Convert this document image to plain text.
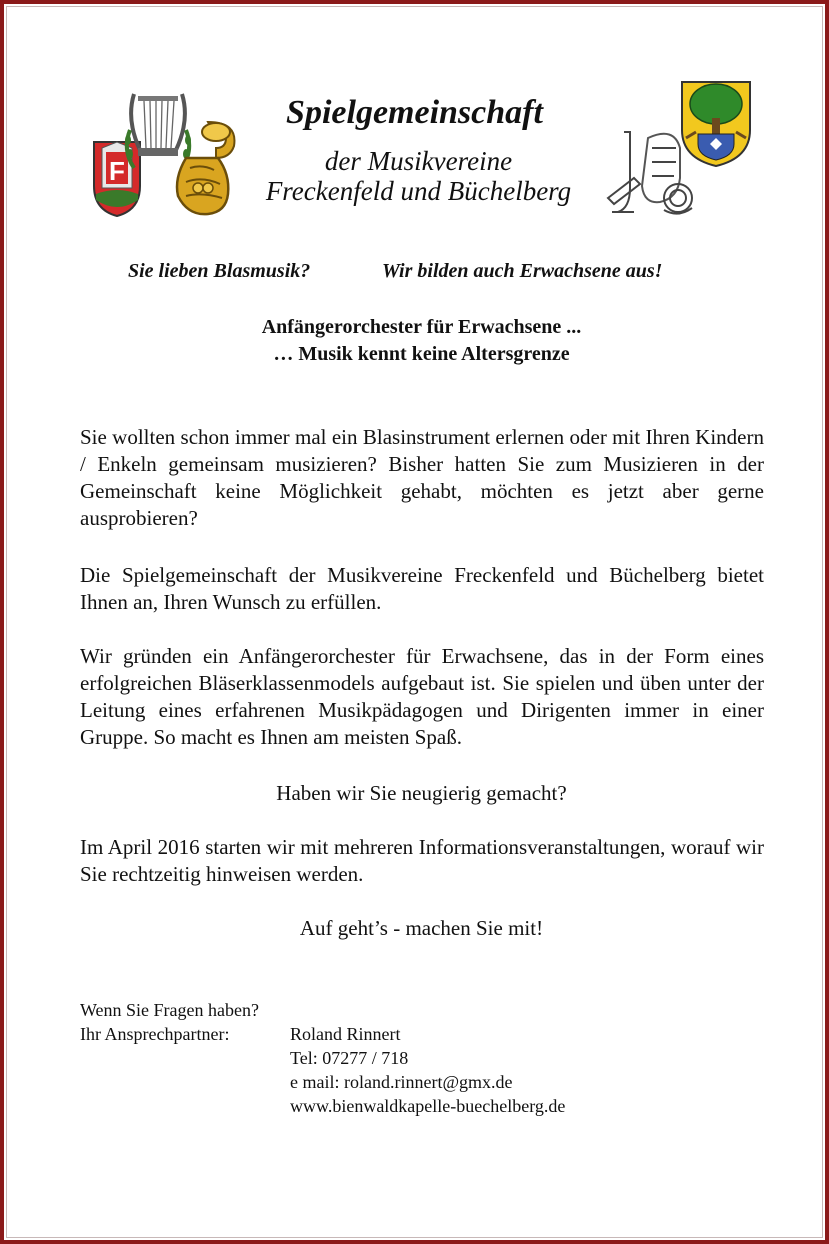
F
Spielgemeinschaft
der Musikvereine
Freckenfeld und Büchelberg
Sie lieben Blasmusik?	Wir bilden auch Erwachsene aus!
Anfängerorchester für Erwachsene ...
… Musik kennt keine Altersgrenze
Sie wollten schon immer mal ein Blasinstrument erlernen oder mit Ihren Kindern / Enkeln gemeinsam musizieren? Bisher hatten Sie zum Musizieren in der Gemeinschaft keine Möglichkeit gehabt, möchten es jetzt aber gerne ausprobieren?
Die Spielgemeinschaft der Musikvereine Freckenfeld und Büchelberg bietet Ihnen an, Ihren Wunsch zu erfüllen.
Wir gründen ein Anfängerorchester für Erwachsene, das in der Form eines erfolgreichen Bläserklassenmodels aufgebaut ist. Sie spielen und üben unter der Leitung eines erfahrenen Musikpädagogen und Dirigenten immer in einer Gruppe. So macht es Ihnen am meisten Spaß.
Haben wir Sie neugierig gemacht?
Im April 2016 starten wir mit mehreren Informationsveranstaltungen, worauf wir Sie rechtzeitig hinweisen werden.
Auf geht’s - machen Sie mit!
Wenn Sie Fragen haben?
Ihr Ansprechpartner:	Roland Rinnert
Tel: 07277 / 718
e mail: roland.rinnert@gmx.de
www.bienwaldkapelle-buechelberg.de
